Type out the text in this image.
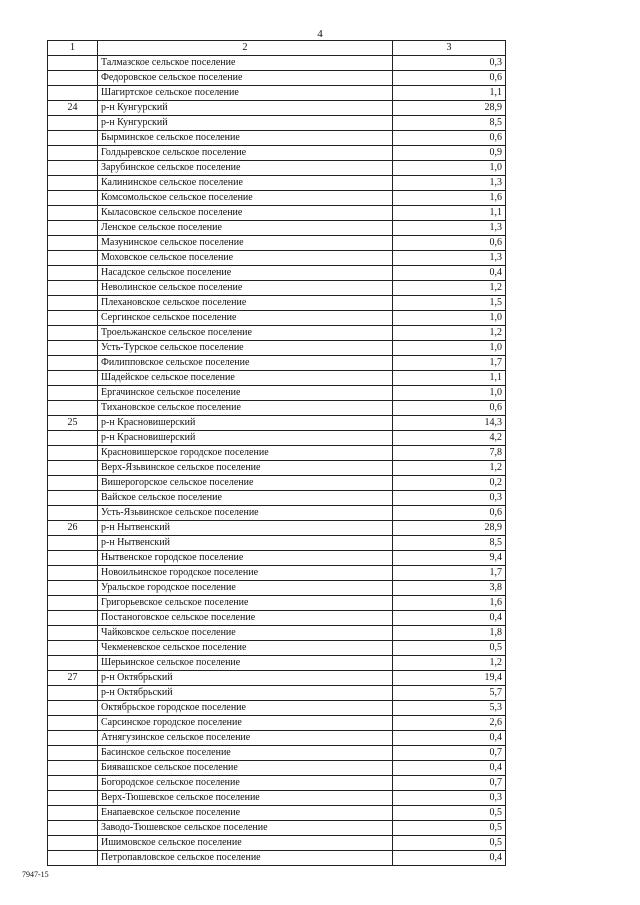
4
1	2	3
	Талмазское сельское поселение	0,3
	Федоровское сельское поселение	0,6
	Шагиртское сельское поселение	1,1
24	р-н Кунгурский	28,9
	р-н Кунгурский	8,5
	Бырминское сельское поселение	0,6
	Голдыревское сельское поселение	0,9
	Зарубинское сельское поселение	1,0
	Калининское сельское поселение	1,3
	Комсомольское сельское поселение	1,6
	Кыласовское сельское поселение	1,1
	Ленское сельское поселение	1,3
	Мазунинское сельское поселение	0,6
	Моховское сельское поселение	1,3
	Насадское сельское поселение	0,4
	Неволинское сельское поселение	1,2
	Плехановское сельское поселение	1,5
	Сергинское сельское поселение	1,0
	Троельжанское сельское поселение	1,2
	Усть-Турское сельское поселение	1,0
	Филипповское сельское поселение	1,7
	Шадейское сельское поселение	1,1
	Ергачинское сельское поселение	1,0
	Тихановское сельское поселение	0,6
25	р-н Красновишерский	14,3
	р-н Красновишерский	4,2
	Красновишерское городское поселение	7,8
	Верх-Язьвинское сельское поселение	1,2
	Вишерогорское сельское поселение	0,2
	Вайское сельское поселение	0,3
	Усть-Язьвинское сельское поселение	0,6
26	р-н Нытвенский	28,9
	р-н Нытвенский	8,5
	Нытвенское городское поселение	9,4
	Новоильинское городское поселение	1,7
	Уральское городское поселение	3,8
	Григорьевское сельское поселение	1,6
	Постаноговское сельское поселение	0,4
	Чайковское сельское поселение	1,8
	Чекменевское сельское поселение	0,5
	Шерьинское сельское поселение	1,2
27	р-н Октябрьский	19,4
	р-н Октябрьский	5,7
	Октябрьское городское поселение	5,3
	Сарсинское городское поселение	2,6
	Атнягузинское сельское поселение	0,4
	Басинское сельское поселение	0,7
	Биявашское сельское поселение	0,4
	Богородское сельское поселение	0,7
	Верх-Тюшевское сельское поселение	0,3
	Енапаевское сельское поселение	0,5
	Заводо-Тюшевское сельское поселение	0,5
	Ишимовское сельское поселение	0,5
	Петропавловское сельское поселение	0,4
7947-15
